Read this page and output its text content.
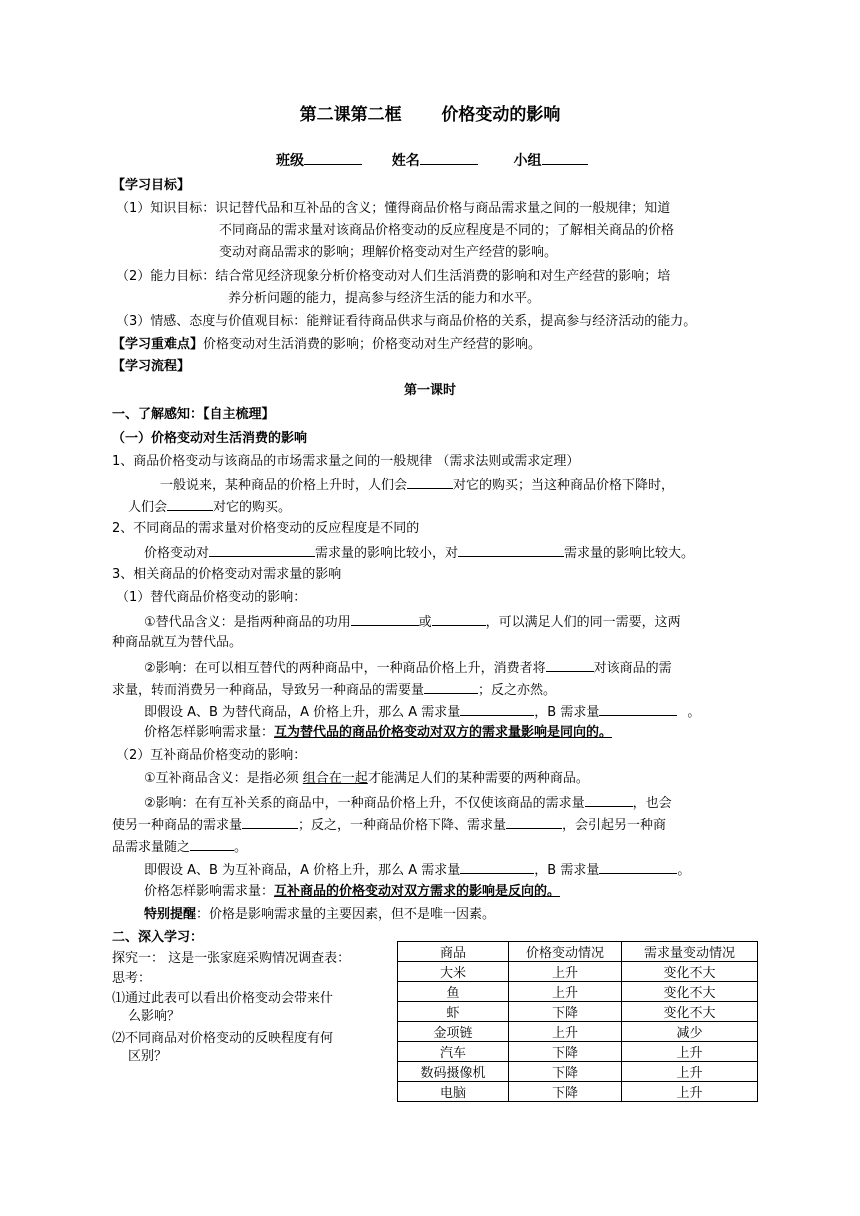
第二课第二框 价格变动的影响
班级	姓名	小组
【学习目标】
（1）知识目标：识记替代品和互补品的含义；懂得商品价格与商品需求量之间的一般规律；知道
不同商品的需求量对该商品价格变动的反应程度是不同的；了解相关商品的价格
变动对商品需求的影响；理解价格变动对生产经营的影响。
（2）能力目标：结合常见经济现象分析价格变动对人们生活消费的影响和对生产经营的影响；培
养分析问题的能力，提高参与经济生活的能力和水平。
（3）情感、态度与价值观目标：能辩证看待商品供求与商品价格的关系，提高参与经济活动的能力。
【学习重难点】价格变动对生活消费的影响；价格变动对生产经营的影响。
【学习流程】
第一课时
一、了解感知：【自主梳理】
（一）价格变动对生活消费的影响
1、商品价格变动与该商品的市场需求量之间的一般规律 （需求法则或需求定理）
一般说来，某种商品的价格上升时，人们会	对它的购买；当这种商品价格下降时，
人们会	对它的购买。
2、不同商品的需求量对价格变动的反应程度是不同的
价格变动对	需求量的影响比较小，对	需求量的影响比较大。
3、相关商品的价格变动对需求量的影响
（1）替代商品价格变动的影响：
①替代品含义：是指两种商品的功用	或	，可以满足人们的同一需要，这两
种商品就互为替代品。
②影响：在可以相互替代的两种商品中，一种商品价格上升，消费者将	对该商品的需
求量，转而消费另一种商品，导致另一种商品的需要量	；反之亦然。
即假设 A、B 为替代商品，A 价格上升，那么 A 需求量	，B 需求量	。
价格怎样影响需求量：互为替代品的商品价格变动对双方的需求量影响是同向的。
（2）互补商品价格变动的影响：
①互补商品含义：是指必须 组合在一起才能满足人们的某种需要的两种商品。
②影响：在有互补关系的商品中，一种商品价格上升，不仅使该商品的需求量	，也会
使另一种商品的需求量	；反之，一种商品价格下降、需求量	，会引起另一种商
品需求量随之	。
即假设 A、B 为互补商品，A 价格上升，那么 A 需求量	，B 需求量	。
价格怎样影响需求量：互补商品的价格变动对双方需求的影响是反向的。
特别提醒：价格是影响需求量的主要因素，但不是唯一因素。
二、深入学习：
探究一： 这是一张家庭采购情况调查表：
思考：
⑴通过此表可以看出价格变动会带来什
么影响？
⑵不同商品对价格变动的反映程度有何
区别？
商品	价格变动情况	需求量变动情况
大米	上升	变化不大
鱼	上升	变化不大
虾	下降	变化不大
金项链	上升	减少
汽车	下降	上升
数码摄像机	下降	上升
电脑	下降	上升
